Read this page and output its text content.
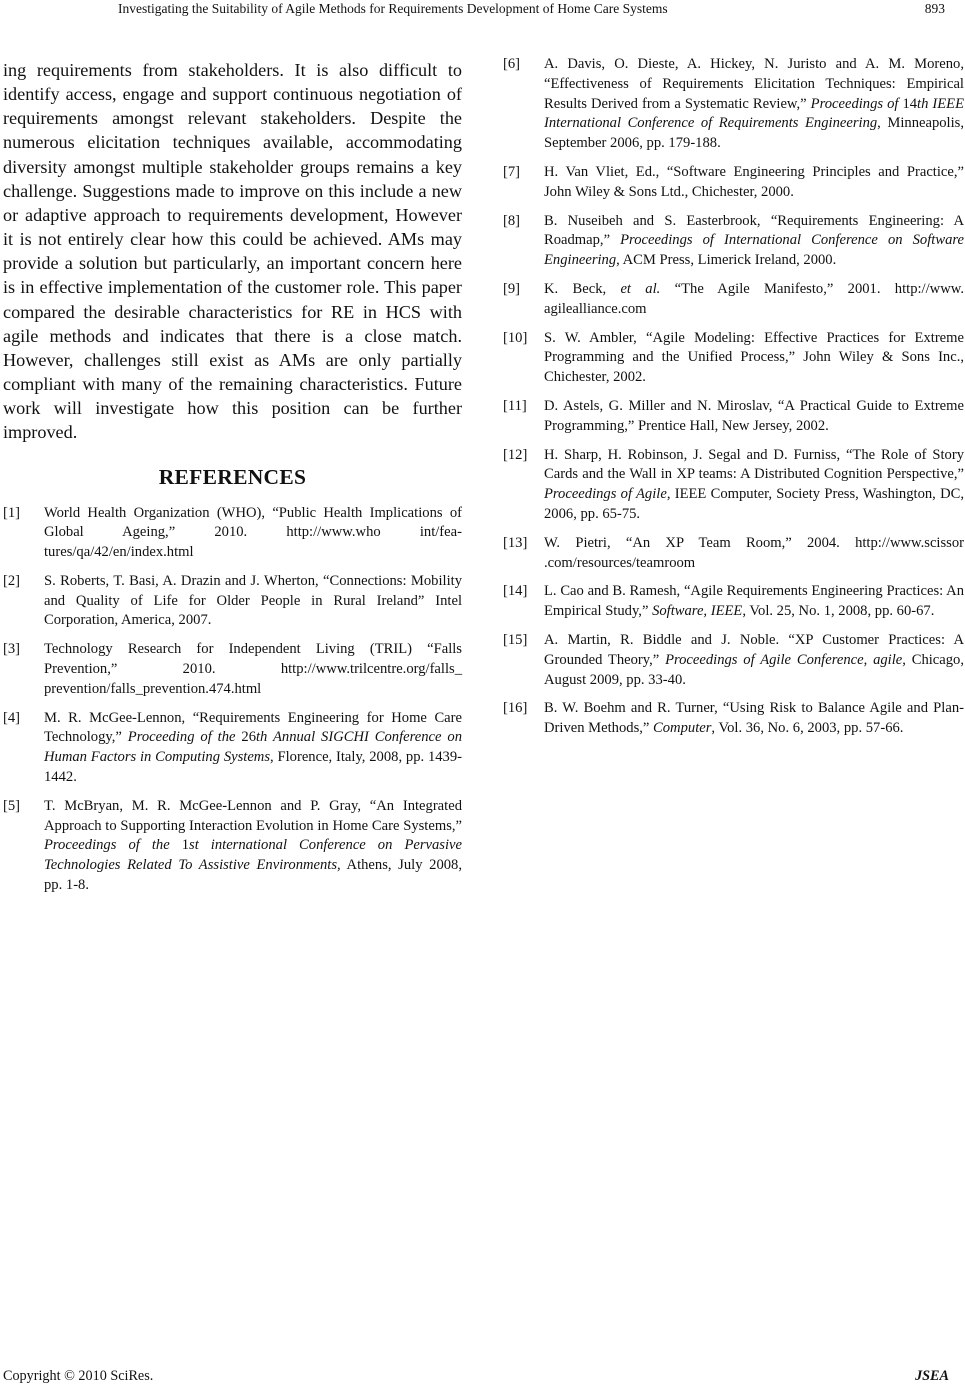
Investigating the Suitability of Agile Methods for Requirements Development of Home Care Systems	893

ing requirements from stakeholders. It is also difficult to identify access, engage and support continuous negotiation of requirements amongst relevant stakeholders. Despite the numerous elicitation techniques available, accommodating diversity amongst multiple stakeholder groups remains a key challenge. Suggestions made to improve on this include a new or adaptive approach to requirements development, However it is not entirely clear how this could be achieved. AMs may provide a solution but particularly, an important concern here is in effective implementation of the customer role. This paper compared the desirable characteristics for RE in HCS with agile methods and indicates that there is a close match. However, challenges still exist as AMs are only partially compliant with many of the remaining characteristics. Future work will investigate how this position can be further improved.

REFERENCES
[1]	World Health Organization (WHO), “Public Health Implications of Global Ageing,” 2010. http://www.who int/features/qa/42/en/index.html
[2]	S. Roberts, T. Basi, A. Drazin and J. Wherton, “Connections: Mobility and Quality of Life for Older People in Rural Ireland” Intel Corporation, America, 2007.
[3]	Technology Research for Independent Living (TRIL) “Falls Prevention,” 2010. http://www.trilcentre.org/falls_ prevention/falls_prevention.474.html
[4]	M. R. McGee-Lennon, “Requirements Engineering for Home Care Technology,” Proceeding of the 26th Annual SIGCHI Conference on Human Factors in Computing Systems, Florence, Italy, 2008, pp. 1439-1442.
[5]	T. McBryan, M. R. McGee-Lennon and P. Gray, “An Integrated Approach to Supporting Interaction Evolution in Home Care Systems,” Proceedings of the 1st international Conference on Pervasive Technologies Related To Assistive Environments, Athens, July 2008, pp. 1-8.
[6]	A. Davis, O. Dieste, A. Hickey, N. Juristo and A. M. Moreno, “Effectiveness of Requirements Elicitation Techniques: Empirical Results Derived from a Systematic Review,” Proceedings of 14th IEEE International Conference of Requirements Engineering, Minneapolis, September 2006, pp. 179-188.
[7]	H. Van Vliet, Ed., “Software Engineering Principles and Practice,” John Wiley & Sons Ltd., Chichester, 2000.
[8]	B. Nuseibeh and S. Easterbrook, “Requirements Engineering: A Roadmap,” Proceedings of International Conference on Software Engineering, ACM Press, Limerick Ireland, 2000.
[9]	K. Beck, et al. “The Agile Manifesto,” 2001. http://www. agilealliance.com
[10]	S. W. Ambler, “Agile Modeling: Effective Practices for Extreme Programming and the Unified Process,” John Wiley & Sons Inc., Chichester, 2002.
[11]	D. Astels, G. Miller and N. Miroslav, “A Practical Guide to Extreme Programming,” Prentice Hall, New Jersey, 2002.
[12]	H. Sharp, H. Robinson, J. Segal and D. Furniss, “The Role of Story Cards and the Wall in XP teams: A Distributed Cognition Perspective,” Proceedings of Agile, IEEE Computer, Society Press, Washington, DC, 2006, pp. 65-75.
[13]	W. Pietri, “An XP Team Room,” 2004. http://www.scissor .com/resources/teamroom
[14]	L. Cao and B. Ramesh, “Agile Requirements Engineering Practices: An Empirical Study,” Software, IEEE, Vol. 25, No. 1, 2008, pp. 60-67.
[15]	A. Martin, R. Biddle and J. Noble. “XP Customer Practices: A Grounded Theory,” Proceedings of Agile Conference, agile, Chicago, August 2009, pp. 33-40.
[16]	B. W. Boehm and R. Turner, “Using Risk to Balance Agile and Plan-Driven Methods,” Computer, Vol. 36, No. 6, 2003, pp. 57-66.
Copyright © 2010 SciRes.	JSEA
